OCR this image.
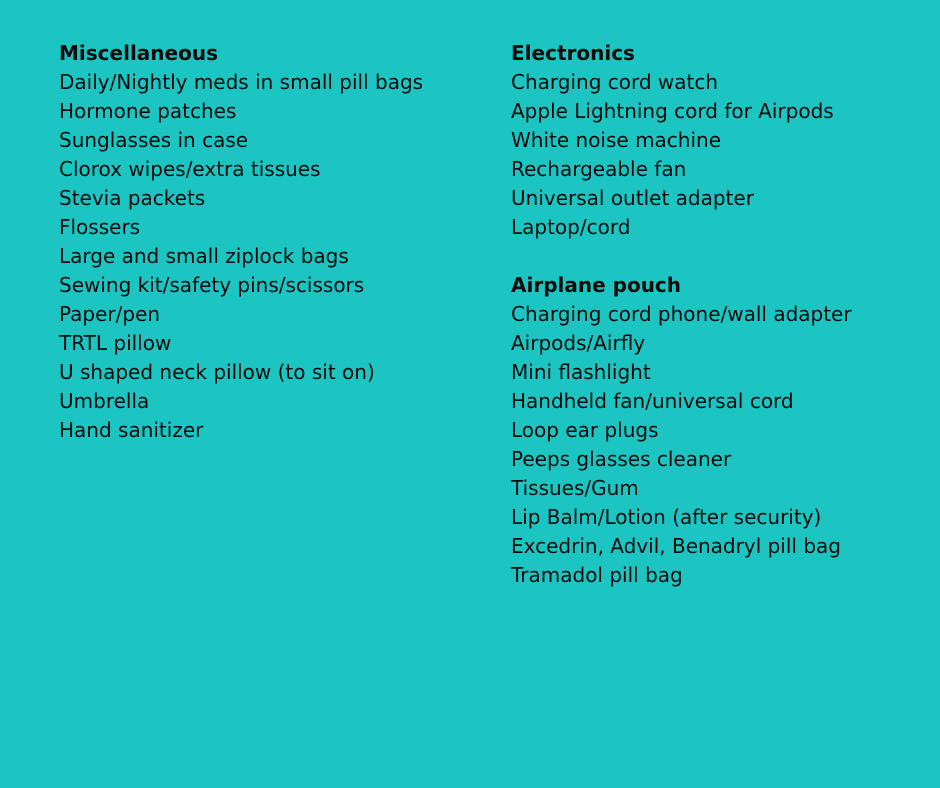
Miscellaneous
Daily/Nightly meds in small pill bags
Hormone patches
Sunglasses in case
Clorox wipes/extra tissues
Stevia packets
Flossers
Large and small ziplock bags
Sewing kit/safety pins/scissors
Paper/pen
TRTL pillow
U shaped neck pillow (to sit on)
Umbrella
Hand sanitizer
Electronics
Charging cord watch
Apple Lightning cord for Airpods
White noise machine
Rechargeable fan
Universal outlet adapter
Laptop/cord
Airplane pouch
Charging cord phone/wall adapter
Airpods/Airfly
Mini flashlight
Handheld fan/universal cord
Loop ear plugs
Peeps glasses cleaner
Tissues/Gum
Lip Balm/Lotion (after security)
Excedrin, Advil, Benadryl pill bag
Tramadol pill bag
